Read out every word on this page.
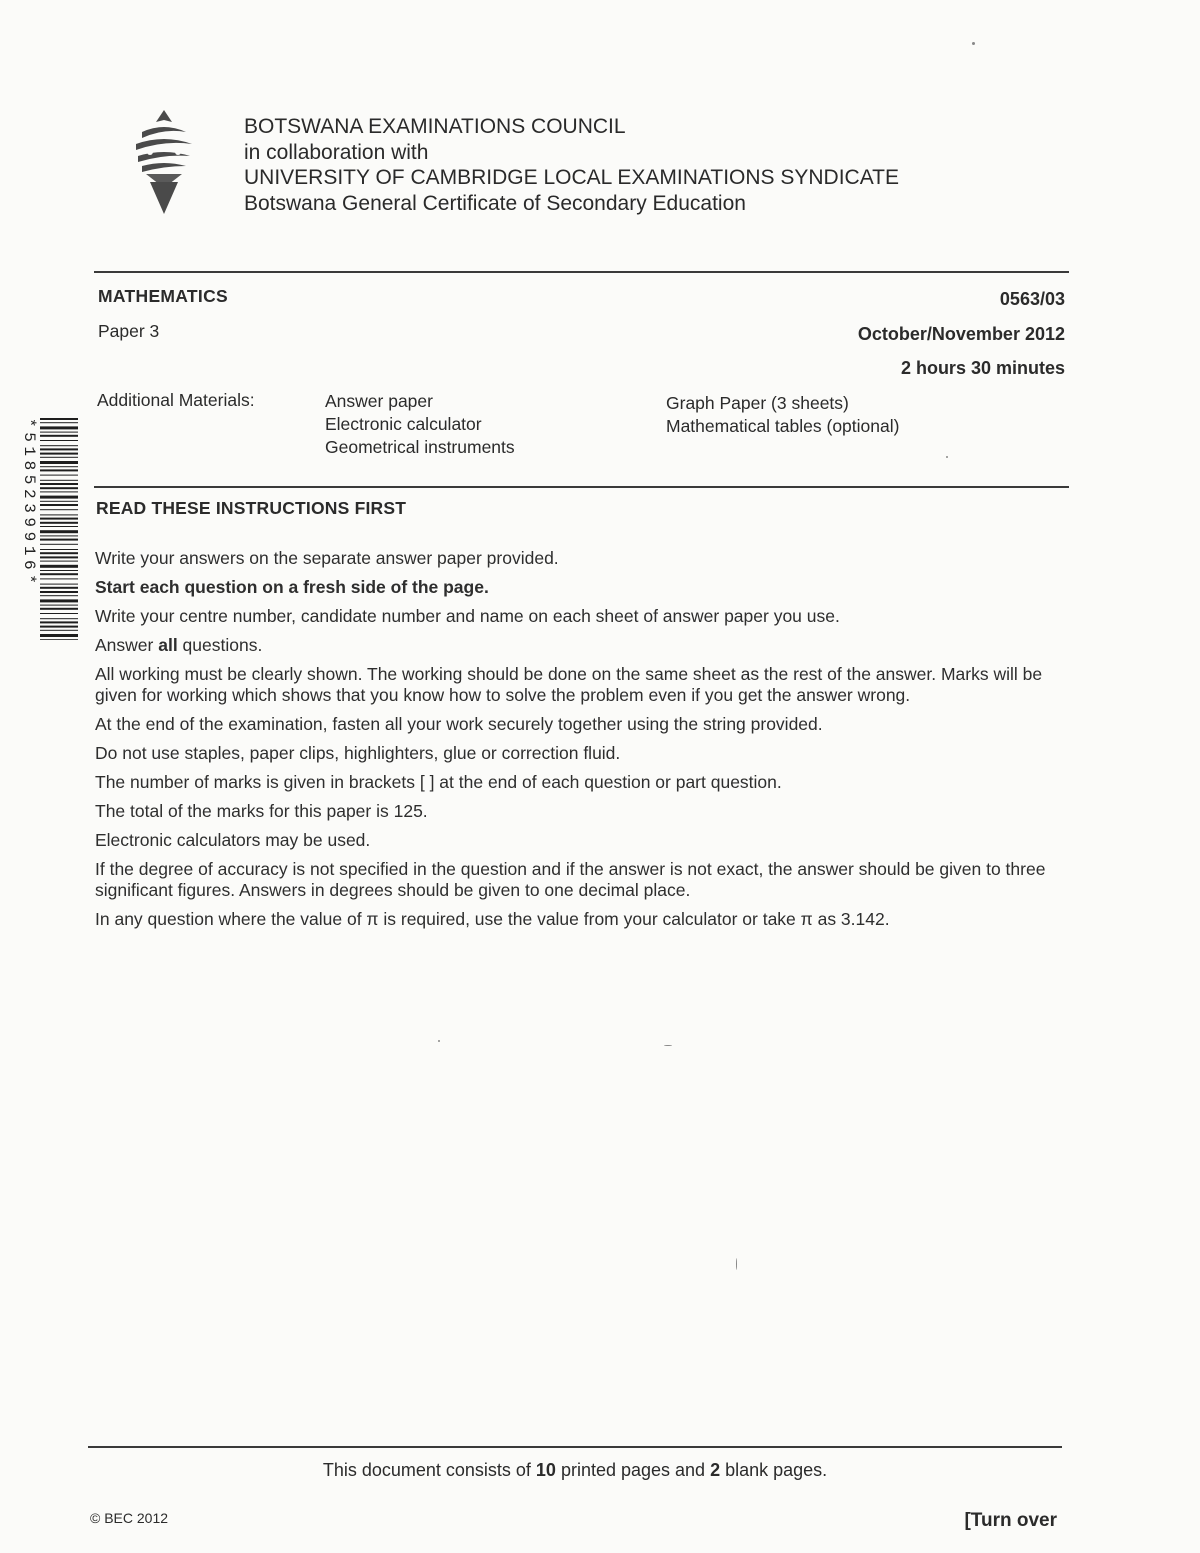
BOTSWANA EXAMINATIONS COUNCIL
in collaboration with
UNIVERSITY OF CAMBRIDGE LOCAL EXAMINATIONS SYNDICATE
Botswana General Certificate of Secondary Education
MATHEMATICS
Paper 3
0563/03
October/November 2012
2 hours 30 minutes
Additional Materials:	Answer paper
Electronic calculator
Geometrical instruments
Graph Paper (3 sheets)
Mathematical tables (optional)
*5185239916*	READ THESE INSTRUCTIONS FIRST

Write your answers on the separate answer paper provided.

Start each question on a fresh side of the page.

Write your centre number, candidate number and name on each sheet of answer paper you use.

Answer all questions.

All working must be clearly shown. The working should be done on the same sheet as the rest of the answer. Marks will be given for working which shows that you know how to solve the problem even if you get the answer wrong.

At the end of the examination, fasten all your work securely together using the string provided.

Do not use staples, paper clips, highlighters, glue or correction fluid.

The number of marks is given in brackets [ ] at the end of each question or part question.

The total of the marks for this paper is 125.

Electronic calculators may be used.

If the degree of accuracy is not specified in the question and if the answer is not exact, the answer should be given to three significant figures. Answers in degrees should be given to one decimal place.

In any question where the value of π is required, use the value from your calculator or take π as 3.142.

This document consists of 10 printed pages and 2 blank pages.
© BEC 2012	[Turn over
